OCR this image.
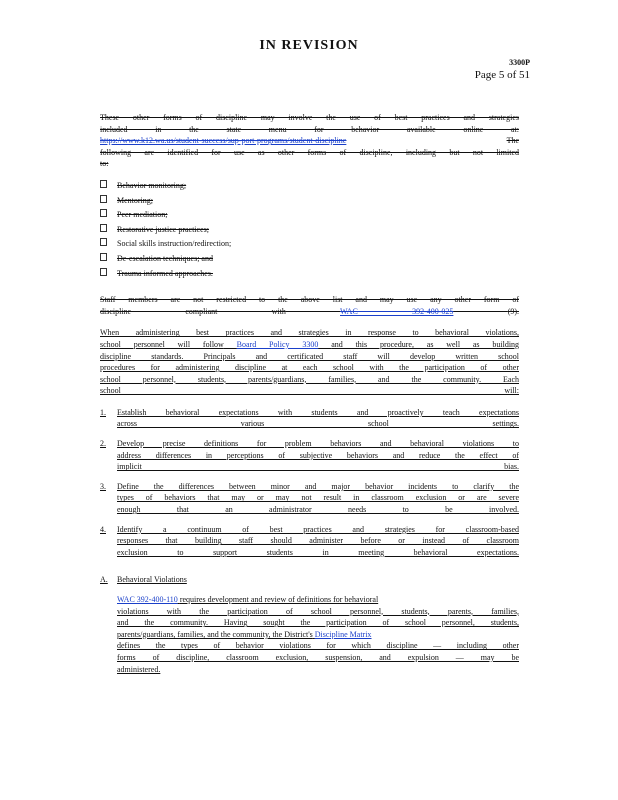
IN REVISION
3300P
Page 5 of 51
These other forms of discipline may involve the use of best practices and strategies
included in the state menu for behavior available online at:
https://www.k12.wa.us/student-success/sup-port-programs/student-discipline	The
following are identified for use as other forms of discipline, including but not limited
to:
Behavior monitoring;
Mentoring;
Peer mediation;
Restorative justice practices;
Social skills instruction/redirection;
De-escalation techniques; and
Trauma informed approaches.
Staff members are not restricted to the above list and may use any other form of
discipline compliant with	WAC 392-400-025	(9).
When administering best practices and strategies in response to behavioral violations,
school personnel will follow Board Policy 3300 and this procedure, as well as building
discipline standards. Principals and certificated staff will develop written school
procedures for administering discipline at each school with the participation of other
school personnel, students, parents/guardians, families, and the community. Each
school will:
1.	Establish behavioral expectations with students and proactively teach expectations
across various school settings.
2.	Develop precise definitions for problem behaviors and behavioral violations to
address differences in perceptions of subjective behaviors and reduce the effect of
implicit bias.
3.	Define the differences between minor and major behavior incidents to clarify the
types of behaviors that may or may not result in classroom exclusion or are severe
enough that an administrator needs to be involved.
4.	Identify a continuum of best practices and strategies for classroom-based
responses that building staff should administer before or instead of classroom
exclusion to support students in meeting behavioral expectations.
A.	Behavioral Violations
WAC 392-400-110 requires development and review of definitions for behavioral
violations with the participation of school personnel, students, parents, families,
and the community. Having sought the participation of school personnel, students,
parents/guardians, families, and the community, the District's Discipline Matrix
defines the types of behavior violations for which discipline — including other
forms of discipline, classroom exclusion, suspension, and expulsion — may be
administered.
